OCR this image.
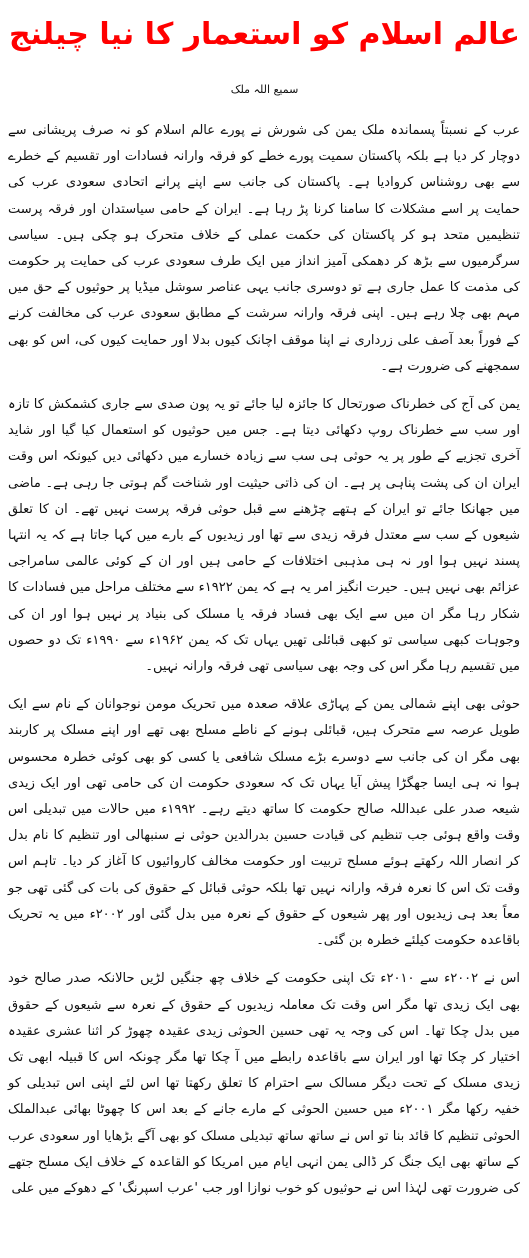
عالم اسلام کو استعمار کا نیا چیلنج
سمیع اللہ ملک

عرب کے نسبتاً پسماندہ ملک یمن کی شورش نے پورے عالم اسلام کو نہ صرف پریشانی سے دوچار کر دیا ہے بلکہ پاکستان سمیت پورے خطے کو فرقہ وارانہ فسادات اور تقسیم کے خطرے سے بھی روشناس کروادیا ہے۔ پاکستان کی جانب سے اپنے پرانے اتحادی سعودی عرب کی حمایت پر اسے مشکلات کا سامنا کرنا پڑ رہا ہے۔ ایران کے حامی سیاستدان اور فرقہ پرست تنظیمیں متحد ہو کر پاکستان کی حکمت عملی کے خلاف متحرک ہو چکی ہیں۔ سیاسی سرگرمیوں سے بڑھ کر دھمکی آمیز انداز میں ایک طرف سعودی عرب کی حمایت پر حکومت کی مذمت کا عمل جاری ہے تو دوسری جانب یہی عناصر سوشل میڈیا پر حوثیوں کے حق میں مہم بھی چلا رہے ہیں۔ اپنی فرقہ وارانہ سرشت کے مطابق سعودی عرب کی مخالفت کرنے کے فوراً بعد آصف علی زرداری نے اپنا موقف اچانک کیوں بدلا اور حمایت کیوں کی، اس کو بھی سمجھنے کی ضرورت ہے۔

یمن کی آج کی خطرناک صورتحال کا جائزہ لیا جائے تو یہ پون صدی سے جاری کشمکش کا تازہ اور سب سے خطرناک روپ دکھائی دیتا ہے۔ جس میں حوثیوں کو استعمال کیا گیا اور شاید آخری تجزیے کے طور پر یہ حوثی ہی سب سے زیادہ خسارے میں دکھائی دیں کیونکہ اس وقت ایران ان کی پشت پناہی پر ہے۔ ان کی ذاتی حیثیت اور شناخت گم ہوتی جا رہی ہے۔ ماضی میں جھانکا جائے تو ایران کے ہتھے چڑھنے سے قبل حوثی فرقہ پرست نہیں تھے۔ ان کا تعلق شیعوں کے سب سے معتدل فرقہ زیدی سے تھا اور زیدیوں کے بارے میں کہا جاتا ہے کہ یہ انتہا پسند نہیں ہوا اور نہ ہی مذہبی اختلافات کے حامی ہیں اور ان کے کوئی عالمی سامراجی عزائم بھی نہیں ہیں۔ حیرت انگیز امر یہ ہے کہ یمن ۱۹۲۲ء سے مختلف مراحل میں فسادات کا شکار رہا مگر ان میں سے ایک بھی فساد فرقہ یا مسلک کی بنیاد پر نہیں ہوا اور ان کی وجوہات کبھی سیاسی تو کبھی قبائلی تھیں یہاں تک کہ یمن ۱۹۶۲ء سے ۱۹۹۰ء تک دو حصوں میں تقسیم رہا مگر اس کی وجہ بھی سیاسی تھی فرقہ وارانہ نہیں۔

حوثی بھی اپنے شمالی یمن کے پہاڑی علاقہ صعدہ میں تحریک مومن نوجوانان کے نام سے ایک طویل عرصہ سے متحرک ہیں، قبائلی ہونے کے ناطے مسلح بھی تھے اور اپنے مسلک پر کاربند بھی مگر ان کی جانب سے دوسرے بڑے مسلک شافعی یا کسی کو بھی کوئی خطرہ محسوس ہوا نہ ہی ایسا جھگڑا پیش آیا یہاں تک کہ سعودی حکومت ان کی حامی تھی اور ایک زیدی شیعہ صدر علی عبداللہ صالح حکومت کا ساتھ دیتے رہے۔ ۱۹۹۲ء میں حالات میں تبدیلی اس وقت واقع ہوئی جب تنظیم کی قیادت حسین بدرالدین حوثی نے سنبھالی اور تنظیم کا نام بدل کر انصار اللہ رکھتے ہوئے مسلح تربیت اور حکومت مخالف کاروائیوں کا آغاز کر دیا۔ تاہم اس وقت تک اس کا نعرہ فرقہ وارانہ نہیں تھا بلکہ حوثی قبائل کے حقوق کی بات کی گئی تھی جو معاً بعد ہی زیدیوں اور پھر شیعوں کے حقوق کے نعرہ میں بدل گئی اور ۲۰۰۲ء میں یہ تحریک باقاعدہ حکومت کیلئے خطرہ بن گئی۔

اس نے ۲۰۰۲ء سے ۲۰۱۰ء تک اپنی حکومت کے خلاف چھ جنگیں لڑیں حالانکہ صدر صالح خود بھی ایک زیدی تھا مگر اس وقت تک معاملہ زیدیوں کے حقوق کے نعرہ سے شیعوں کے حقوق میں بدل چکا تھا۔ اس کی وجہ یہ تھی حسین الحوثی زیدی عقیدہ چھوڑ کر اثنا عشری عقیدہ اختیار کر چکا تھا اور ایران سے باقاعدہ رابطے میں آ چکا تھا مگر چونکہ اس کا قبیلہ ابھی تک زیدی مسلک کے تحت دیگر مسالک سے احترام کا تعلق رکھتا تھا اس لئے اپنی اس تبدیلی کو خفیہ رکھا مگر ۲۰۰۱ء میں حسین الحوثی کے مارے جانے کے بعد اس کا چھوٹا بھائی عبدالملک الحوثی تنظیم کا قائد بنا تو اس نے ساتھ ساتھ تبدیلی مسلک کو بھی آگے بڑھایا اور سعودی عرب کے ساتھ بھی ایک جنگ کر ڈالی یمن انہی ایام میں امریکا کو القاعدہ کے خلاف ایک مسلح جتھے کی ضرورت تھی لہٰذا اس نے حوثیوں کو خوب نوازا اور جب 'عرب اسپرنگ' کے دھوکے میں علی
